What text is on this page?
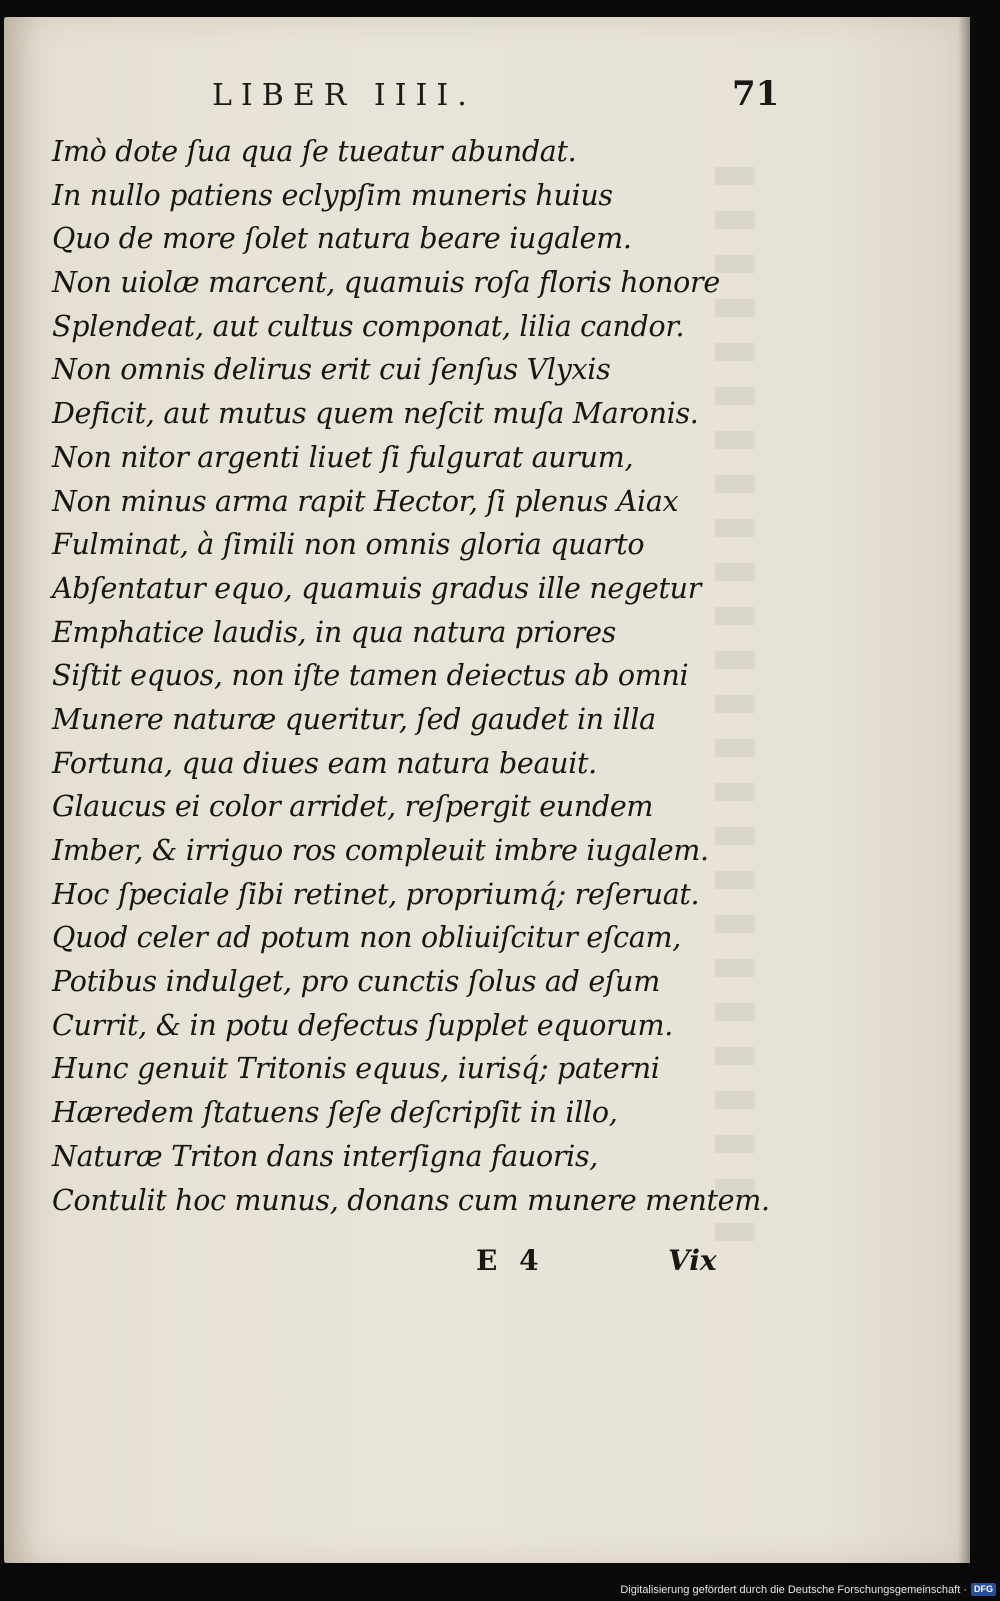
LIBER IIII.	71
Imò dote ſua qua ſe tueatur abundat.
In nullo patiens eclypſim muneris huius
Quo de more ſolet natura beare iugalem.
Non uiolæ marcent, quamuis roſa floris honore
Splendeat, aut cultus componat, lilia candor.
Non omnis delirus erit cui ſenſus Vlyxis
Deficit, aut mutus quem neſcit muſa Maronis.
Non nitor argenti liuet ſi fulgurat aurum,
Non minus arma rapit Hector, ſi plenus Aiax
Fulminat, à ſimili non omnis gloria quarto
Abſentatur equo, quamuis gradus ille negetur
Emphatice laudis, in qua natura priores
Siſtit equos, non iſte tamen deiectus ab omni
Munere naturæ queritur, ſed gaudet in illa
Fortuna, qua diues eam natura beauit.
Glaucus ei color arridet, reſpergit eundem
Imber, & irriguo ros compleuit imbre iugalem.
Hoc ſpeciale ſibi retinet, propriumq́; reſeruat.
Quod celer ad potum non obliuiſcitur eſcam,
Potibus indulget, pro cunctis ſolus ad eſum
Currit, & in potu defectus ſupplet equorum.
Hunc genuit Tritonis equus, iurisq́; paterni
Hæredem ſtatuens ſeſe deſcripſit in illo,
Naturæ Triton dans interſigna fauoris,
Contulit hoc munus, donans cum munere mentem.
E 4	Vix
Digitalisierung gefördert durch die Deutsche Forschungsgemeinschaft · DFG
